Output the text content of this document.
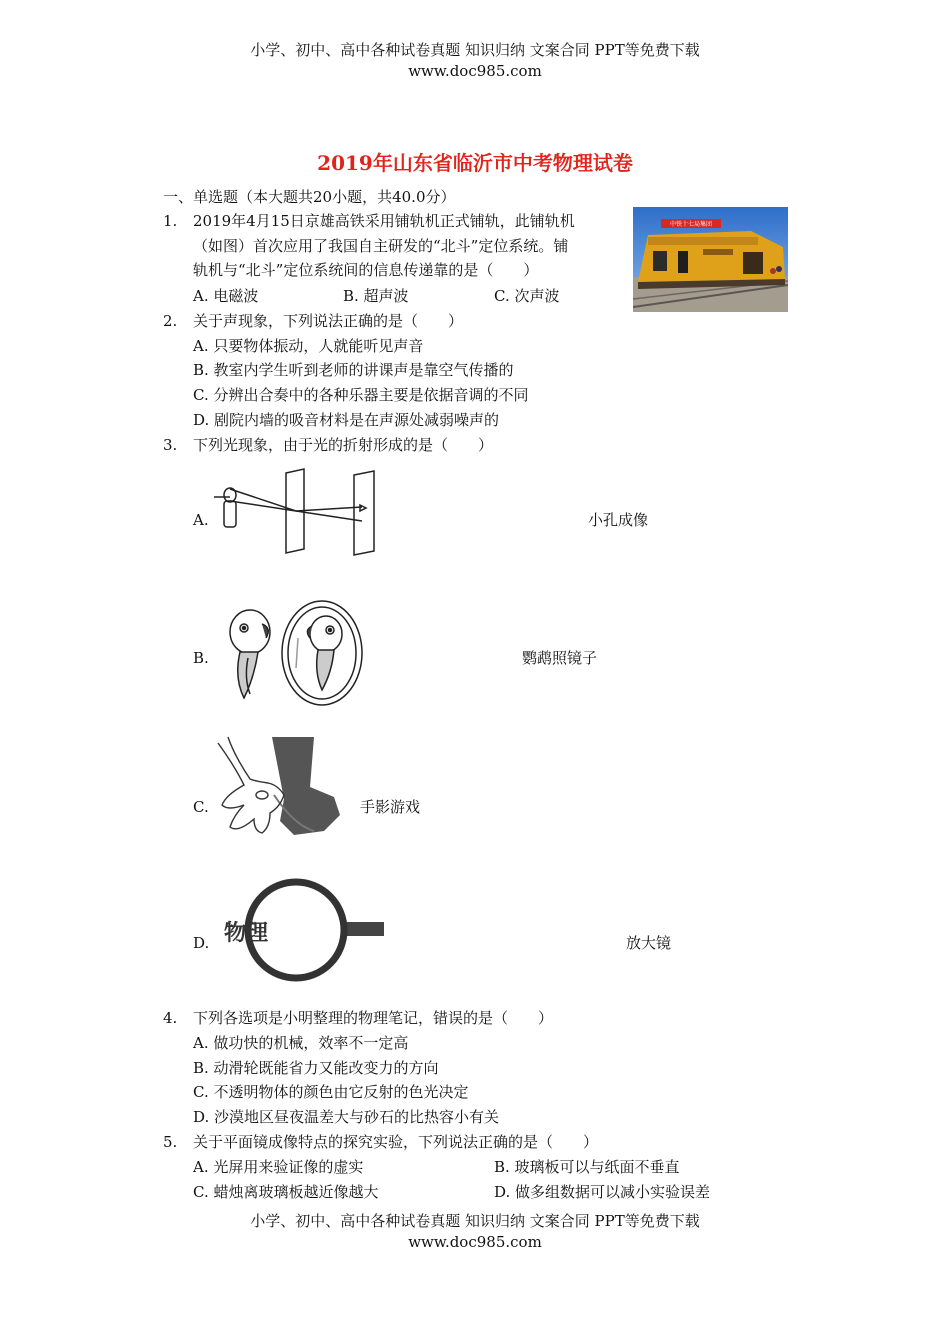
小学、初中、高中各种试卷真题 知识归纳 文案合同 PPT等免费下载
www.doc985.com
2019年山东省临沂市中考物理试卷
一、单选题（本大题共20小题，共40.0分）
1. 2019年4月15日京雄高铁采用铺轨机正式铺轨，此铺轨机
（如图）首次应用了我国自主研发的“北斗”定位系统。铺
轨机与“北斗”定位系统间的信息传递靠的是（　　）
A. 电磁波	B. 超声波	C. 次声波
中铁十七局集团
2. 关于声现象，下列说法正确的是（　　）
A. 只要物体振动，人就能听见声音
B. 教室内学生听到老师的讲课声是靠空气传播的
C. 分辨出合奏中的各种乐器主要是依据音调的不同
D. 剧院内墙的吸音材料是在声源处减弱噪声的
3. 下列光现象，由于光的折射形成的是（　　）
A.	小孔成像
B.	鹦鹉照镜子
C.	手影游戏
D. 物理	放大镜
4. 下列各选项是小明整理的物理笔记，错误的是（　　）
A. 做功快的机械，效率不一定高
B. 动滑轮既能省力又能改变力的方向
C. 不透明物体的颜色由它反射的色光决定
D. 沙漠地区昼夜温差大与砂石的比热容小有关
5. 关于平面镜成像特点的探究实验，下列说法正确的是（　　）
A. 光屏用来验证像的虚实	B. 玻璃板可以与纸面不垂直
C. 蜡烛离玻璃板越近像越大	D. 做多组数据可以减小实验误差
小学、初中、高中各种试卷真题 知识归纳 文案合同 PPT等免费下载
www.doc985.com
